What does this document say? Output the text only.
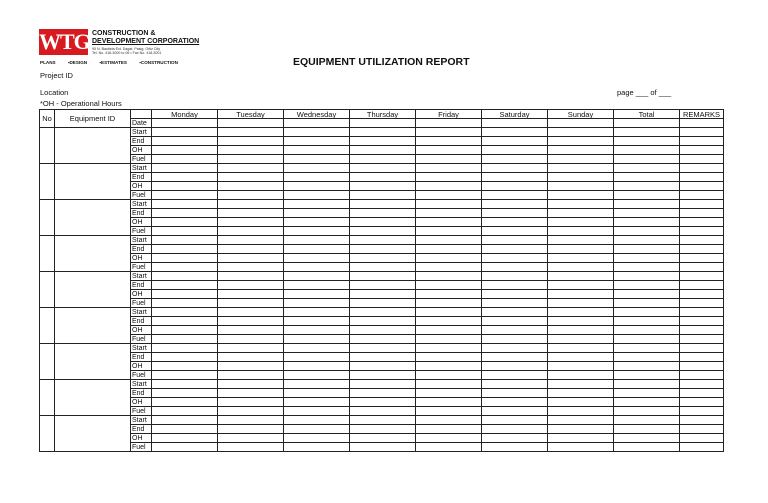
WTG CONSTRUCTION &
DEVELOPMENT CORPORATION
95 N. Bautista Ext. Dagat, Pasig, Ortiz City
Tel. No. 418-3000 to 06 ▪ Fax No. 418-3001
PLANS	▪DESIGN	▪ESTIMATES	▪CONSTRUCTION	EQUIPMENT UTILIZATION REPORT
Project ID
Location
*OH - Operational Hours
page ___ of ___
No	Equipment ID		Monday	Tuesday	Wednesday	Thursday	Friday	Saturday	Sunday	Total	REMARKS
		Date									
		Start									
		End									
		OH									
		Fuel									
		Start									
		End									
		OH									
		Fuel									
		Start									
		End									
		OH									
		Fuel									
		Start									
		End									
		OH									
		Fuel									
		Start									
		End									
		OH									
		Fuel									
		Start									
		End									
		OH									
		Fuel									
		Start									
		End									
		OH									
		Fuel									
		Start									
		End									
		OH									
		Fuel									
		Start									
		End									
		OH									
		Fuel									
